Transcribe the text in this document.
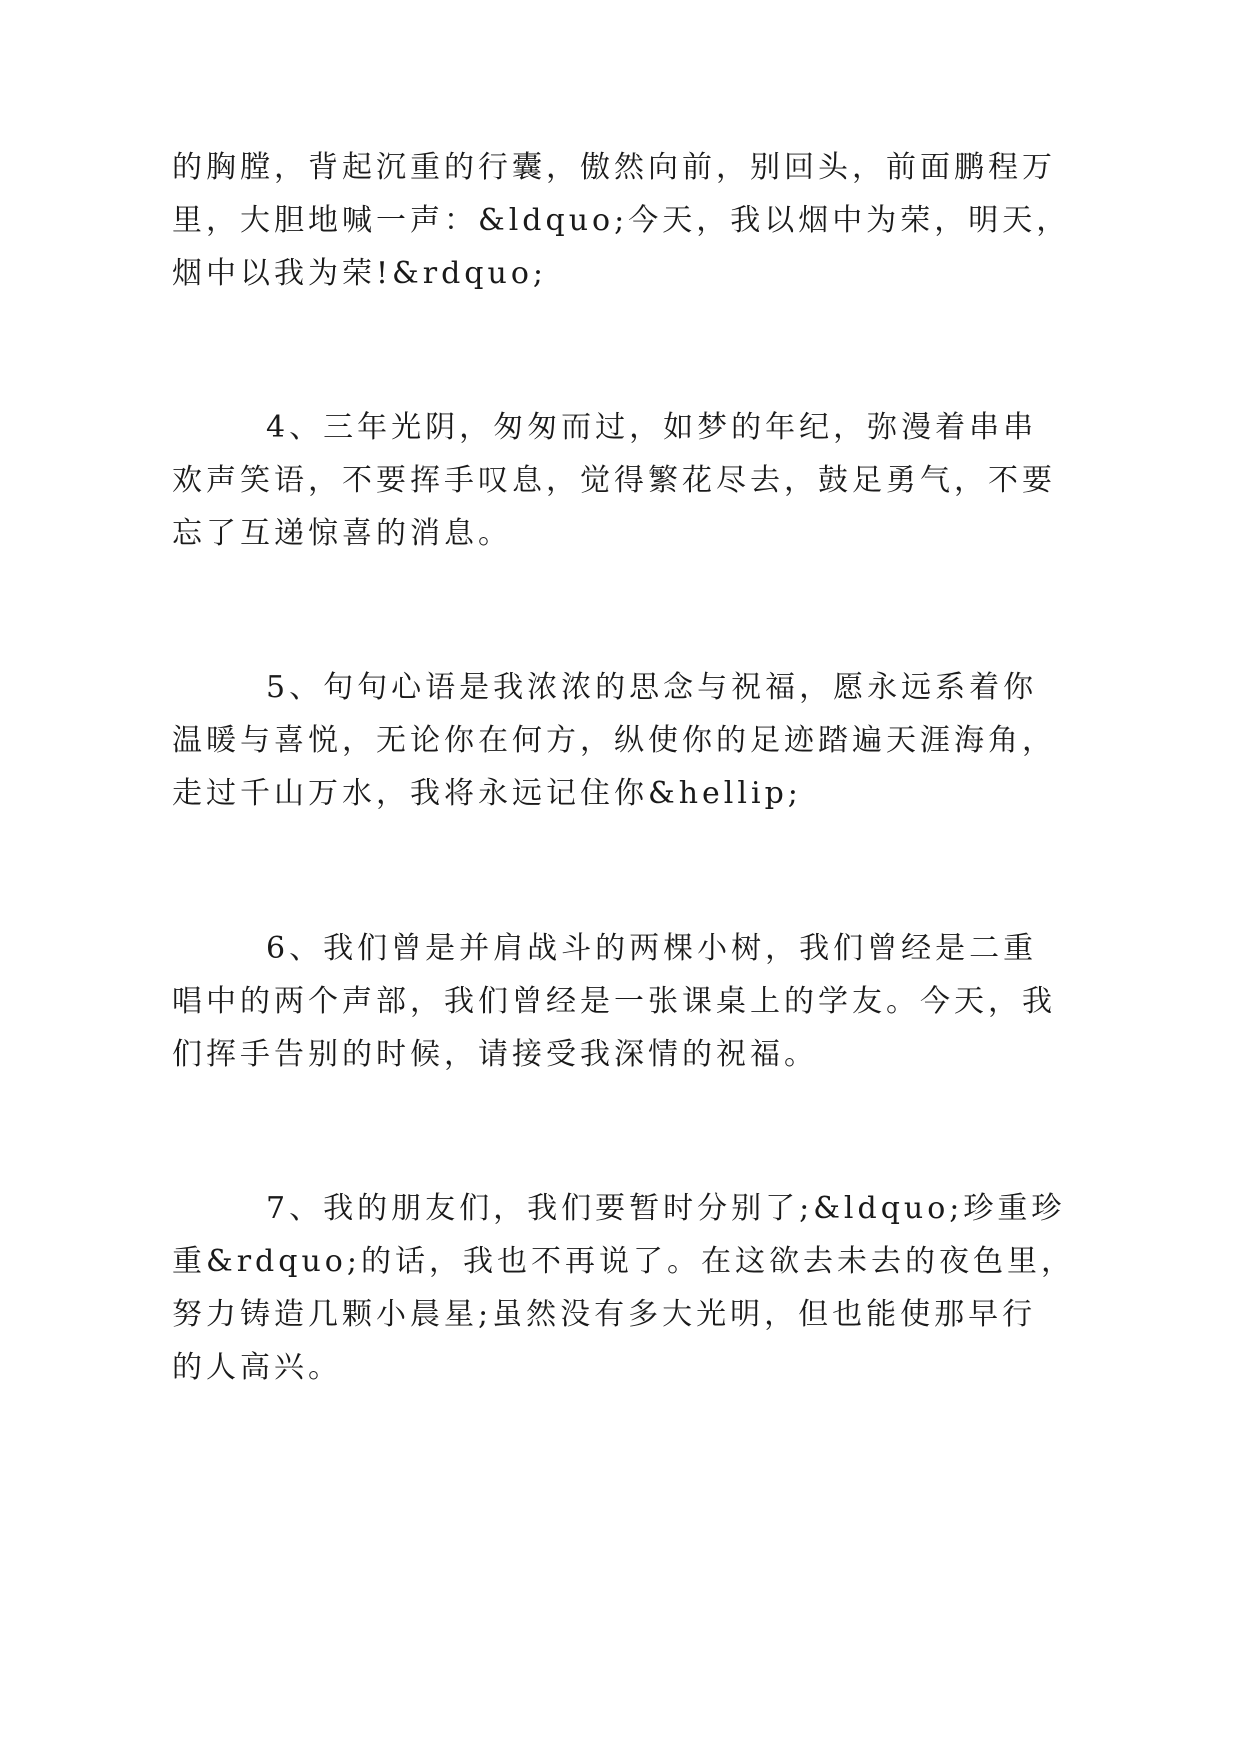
的胸膛，背起沉重的行囊，傲然向前，别回头，前面鹏程万
里，大胆地喊一声：&ldquo;今天，我以烟中为荣，明天，
烟中以我为荣!&rdquo;
4、三年光阴，匆匆而过，如梦的年纪，弥漫着串串
欢声笑语，不要挥手叹息，觉得繁花尽去，鼓足勇气，不要
忘了互递惊喜的消息。
5、句句心语是我浓浓的思念与祝福，愿永远系着你
温暖与喜悦，无论你在何方，纵使你的足迹踏遍天涯海角，
走过千山万水，我将永远记住你&hellip;
6、我们曾是并肩战斗的两棵小树，我们曾经是二重
唱中的两个声部，我们曾经是一张课桌上的学友。今天，我
们挥手告别的时候，请接受我深情的祝福。
7、我的朋友们，我们要暂时分别了;&ldquo;珍重珍
重&rdquo;的话，我也不再说了。在这欲去未去的夜色里，
努力铸造几颗小晨星;虽然没有多大光明，但也能使那早行
的人高兴。
